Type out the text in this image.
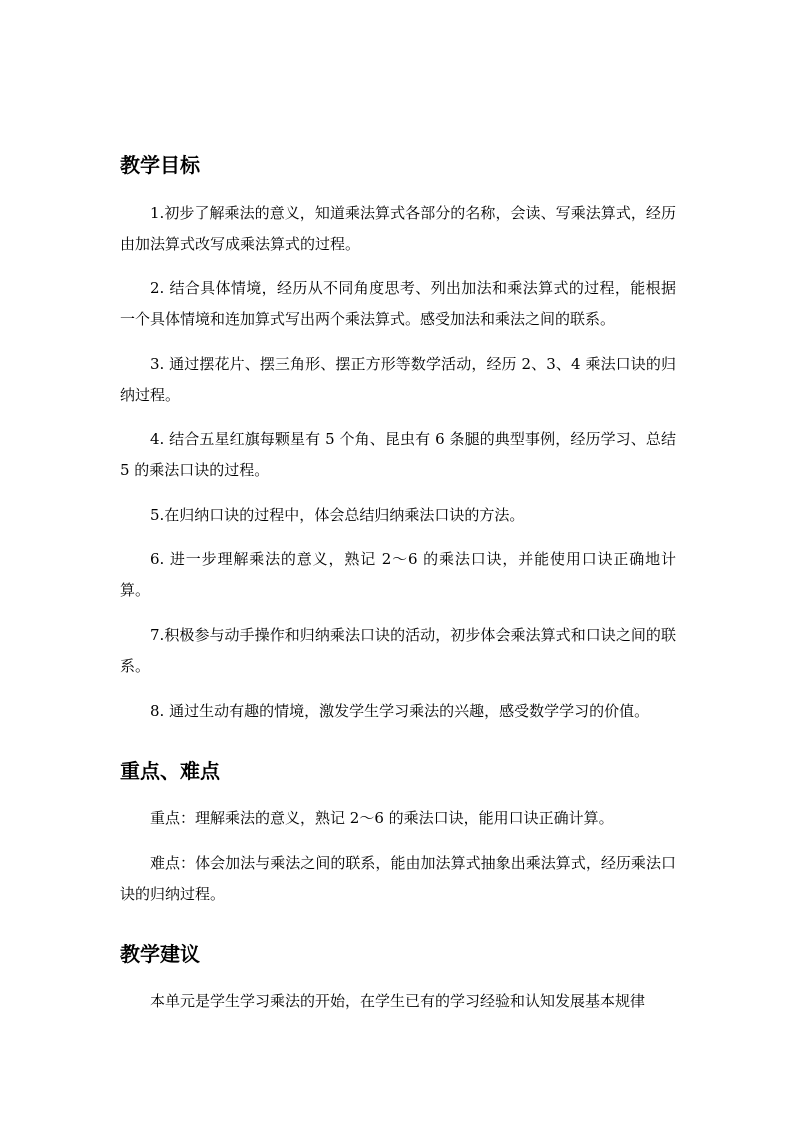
教学目标

1.初步了解乘法的意义，知道乘法算式各部分的名称，会读、写乘法算式，经历由加法算式改写成乘法算式的过程。

2. 结合具体情境，经历从不同角度思考、列出加法和乘法算式的过程，能根据一个具体情境和连加算式写出两个乘法算式。感受加法和乘法之间的联系。

3. 通过摆花片、摆三角形、摆正方形等数学活动，经历 2、3、4 乘法口诀的归纳过程。

4. 结合五星红旗每颗星有 5 个角、昆虫有 6 条腿的典型事例，经历学习、总结 5 的乘法口诀的过程。

5.在归纳口诀的过程中，体会总结归纳乘法口诀的方法。

6. 进一步理解乘法的意义，熟记 2～6 的乘法口诀，并能使用口诀正确地计算。

7.积极参与动手操作和归纳乘法口诀的活动，初步体会乘法算式和口诀之间的联系。

8. 通过生动有趣的情境，激发学生学习乘法的兴趣，感受数学学习的价值。

重点、难点

重点：理解乘法的意义，熟记 2～6 的乘法口诀，能用口诀正确计算。

难点：体会加法与乘法之间的联系，能由加法算式抽象出乘法算式，经历乘法口诀的归纳过程。

教学建议

本单元是学生学习乘法的开始，在学生已有的学习经验和认知发展基本规律
